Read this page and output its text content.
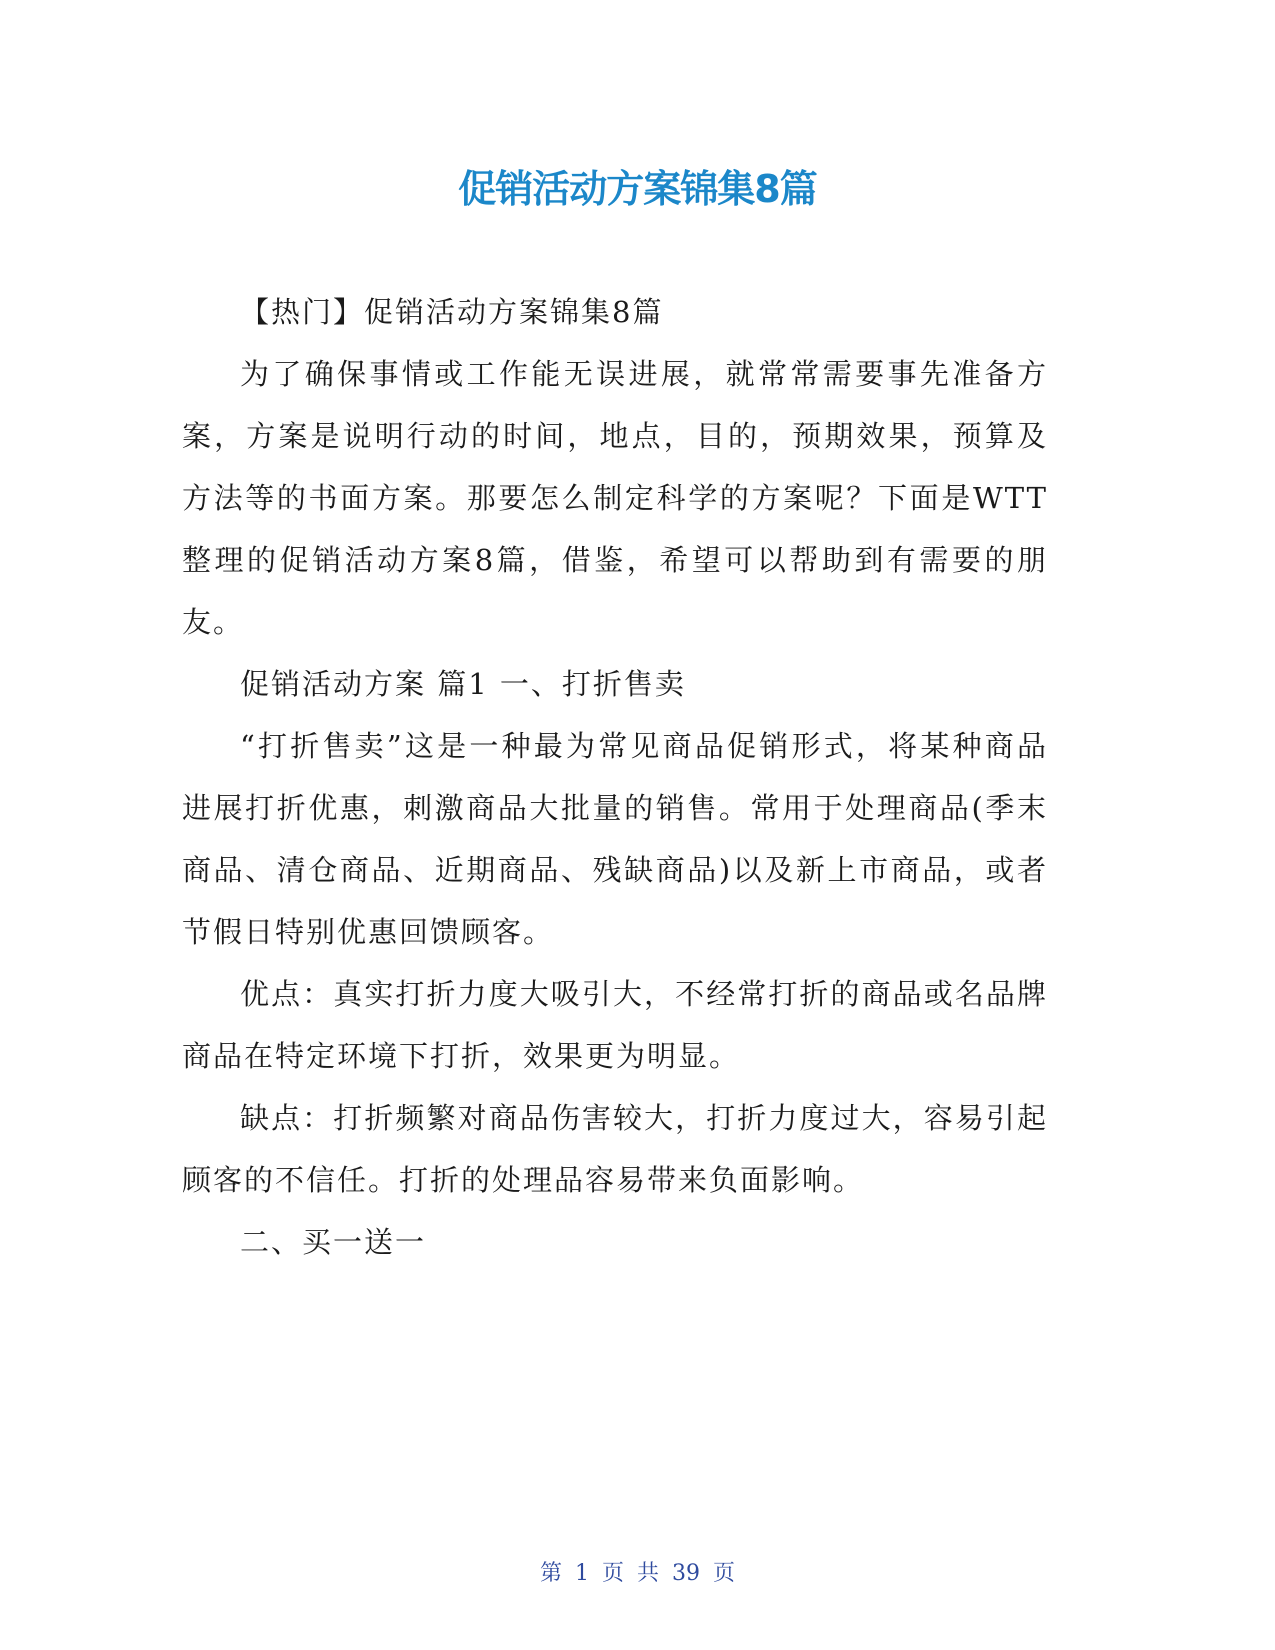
促销活动方案锦集8篇

【热门】促销活动方案锦集8篇

为了确保事情或工作能无误进展，就常常需要事先准备方案，方案是说明行动的时间，地点，目的，预期效果，预算及方法等的书面方案。那要怎么制定科学的方案呢？下面是WTT整理的促销活动方案8篇，借鉴，希望可以帮助到有需要的朋友。

促销活动方案 篇1 一、打折售卖

“打折售卖”这是一种最为常见商品促销形式，将某种商品进展打折优惠，刺激商品大批量的销售。常用于处理商品(季末商品、清仓商品、近期商品、残缺商品)以及新上市商品，或者节假日特别优惠回馈顾客。

优点：真实打折力度大吸引大，不经常打折的商品或名品牌商品在特定环境下打折，效果更为明显。

缺点：打折频繁对商品伤害较大，打折力度过大，容易引起顾客的不信任。打折的处理品容易带来负面影响。

二、买一送一

第 1 页 共 39 页
